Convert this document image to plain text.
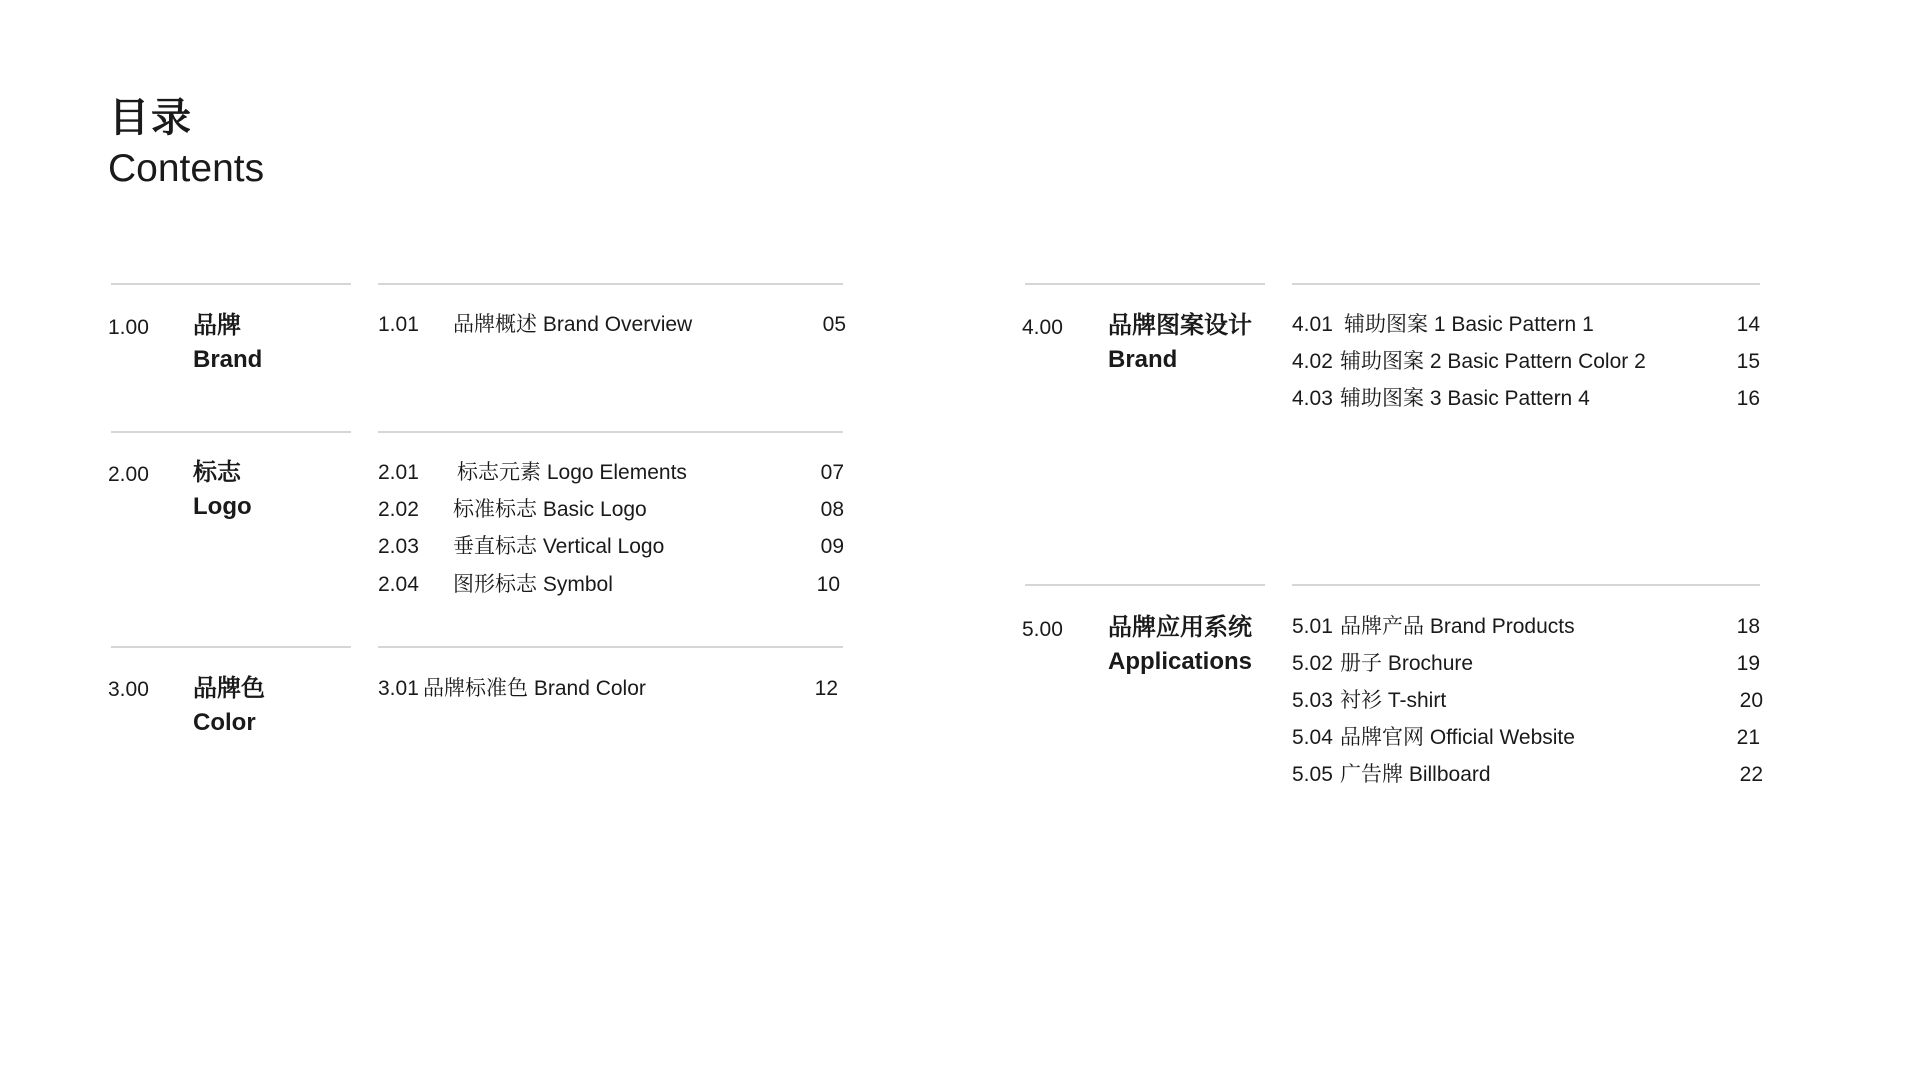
目录
Contents
1.00 品牌
Brand
1.01 品牌概述 Brand Overview	05
2.00 标志
Logo
2.01 标志元素 Logo Elements	07
2.02 标准标志 Basic Logo	08
2.03 垂直标志 Vertical Logo	09
2.04 图形标志 Symbol	10
3.00 品牌色
Color
3.01 品牌标准色 Brand Color	12
4.00 品牌图案设计
Brand
4.01 辅助图案 1 Basic Pattern 1	14
4.02 辅助图案 2 Basic Pattern Color 2	15
4.03 辅助图案 3 Basic Pattern 4	16
5.00 品牌应用系统
Applications
5.01 品牌产品 Brand Products	18
5.02 册子 Brochure	19
5.03 衬衫 T-shirt	20
5.04 品牌官网 Official Website	21
5.05 广告牌 Billboard	22
